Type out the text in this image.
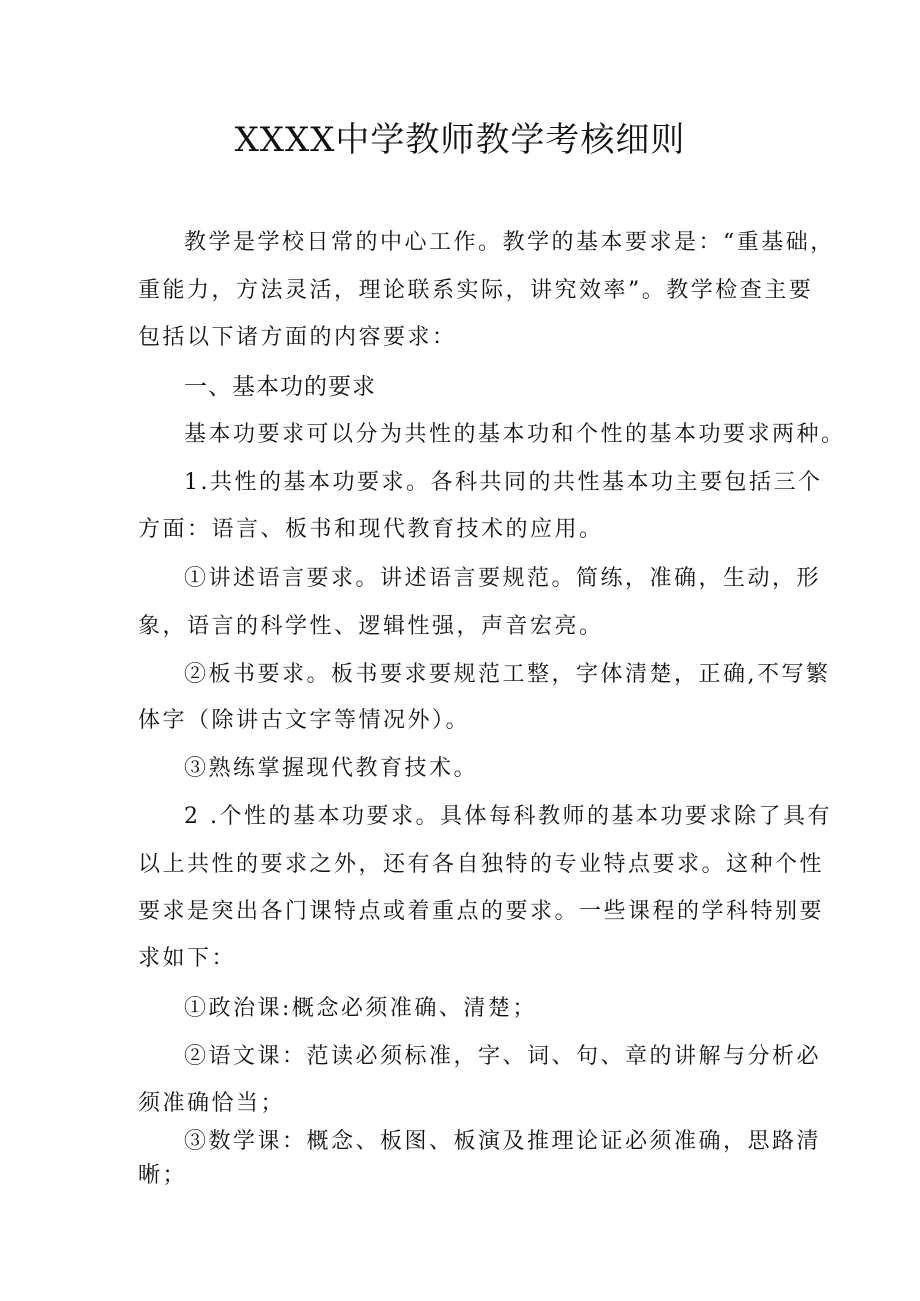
XXXX中学教师教学考核细则
教学是学校日常的中心工作。教学的基本要求是：“重基础，
重能力，方法灵活，理论联系实际，讲究效率”。教学检查主要
包括以下诸方面的内容要求：
一、基本功的要求
基本功要求可以分为共性的基本功和个性的基本功要求两种。
1.共性的基本功要求。各科共同的共性基本功主要包括三个
方面：语言、板书和现代教育技术的应用。
①讲述语言要求。讲述语言要规范。简练，准确，生动，形
象，语言的科学性、逻辑性强，声音宏亮。
②板书要求。板书要求要规范工整，字体清楚，正确,不写繁
体字（除讲古文字等情况外）。
③熟练掌握现代教育技术。
2 .个性的基本功要求。具体每科教师的基本功要求除了具有
以上共性的要求之外，还有各自独特的专业特点要求。这种个性
要求是突出各门课特点或着重点的要求。一些课程的学科特别要
求如下：
①政治课:概念必须准确、清楚；
②语文课：范读必须标准，字、词、句、章的讲解与分析必
须准确恰当；
③数学课：概念、板图、板演及推理论证必须准确，思路清
晰；
